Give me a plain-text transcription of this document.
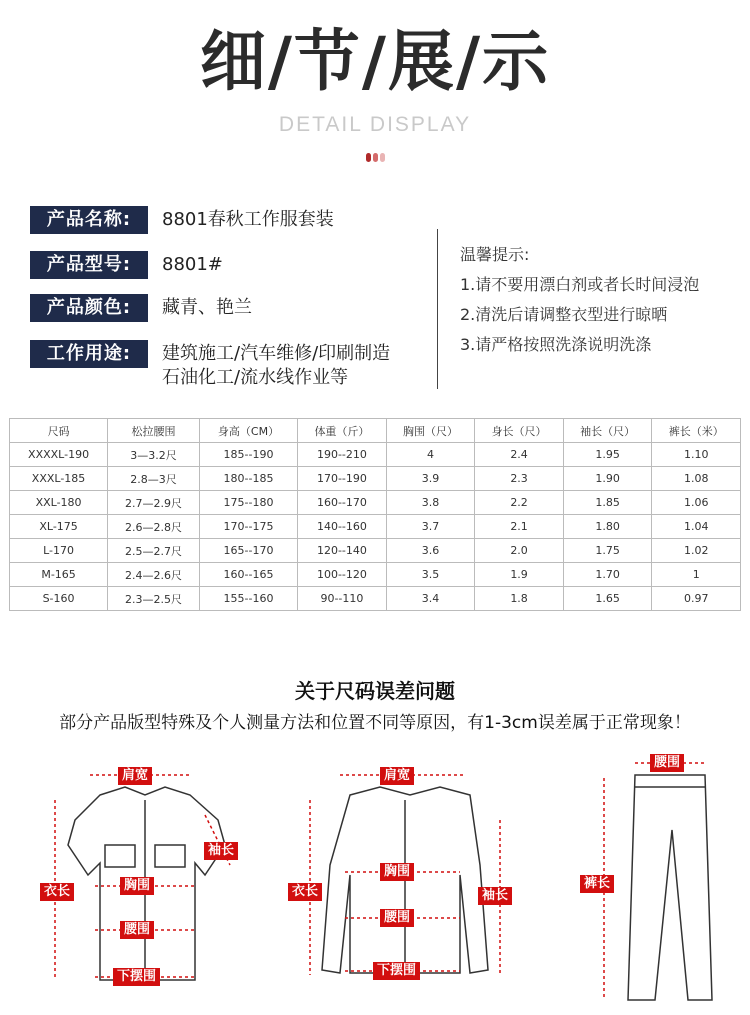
细/节/展/示
DETAIL DISPLAY
产品名称:	8801春秋工作服套装
产品型号:	8801#
产品颜色:	藏青、艳兰
工作用途:	建筑施工/汽车维修/印刷制造
石油化工/流水线作业等
温馨提示:
1.请不要用漂白剂或者长时间浸泡
2.清洗后请调整衣型进行晾晒
3.请严格按照洗涤说明洗涤
尺码	松拉腰围	身高（CM）	体重（斤）	胸围（尺）	身长（尺）	袖长（尺）	裤长（米）
XXXXL-190	3—3.2尺	185--190	190--210	4	2.4	1.95	1.10
XXXL-185	2.8—3尺	180--185	170--190	3.9	2.3	1.90	1.08
XXL-180	2.7—2.9尺	175--180	160--170	3.8	2.2	1.85	1.06
XL-175	2.6—2.8尺	170--175	140--160	3.7	2.1	1.80	1.04
L-170	2.5—2.7尺	165--170	120--140	3.6	2.0	1.75	1.02
M-165	2.4—2.6尺	160--165	100--120	3.5	1.9	1.70	1
S-160	2.3—2.5尺	155--160	90--110	3.4	1.8	1.65	0.97
关于尺码误差问题
部分产品版型特殊及个人测量方法和位置不同等原因，有1-3cm误差属于正常现象！
肩宽
袖长
衣长	胸围
腰围
下摆围
肩宽
衣长	袖长
胸围
腰围
下摆围
腰围
裤长
